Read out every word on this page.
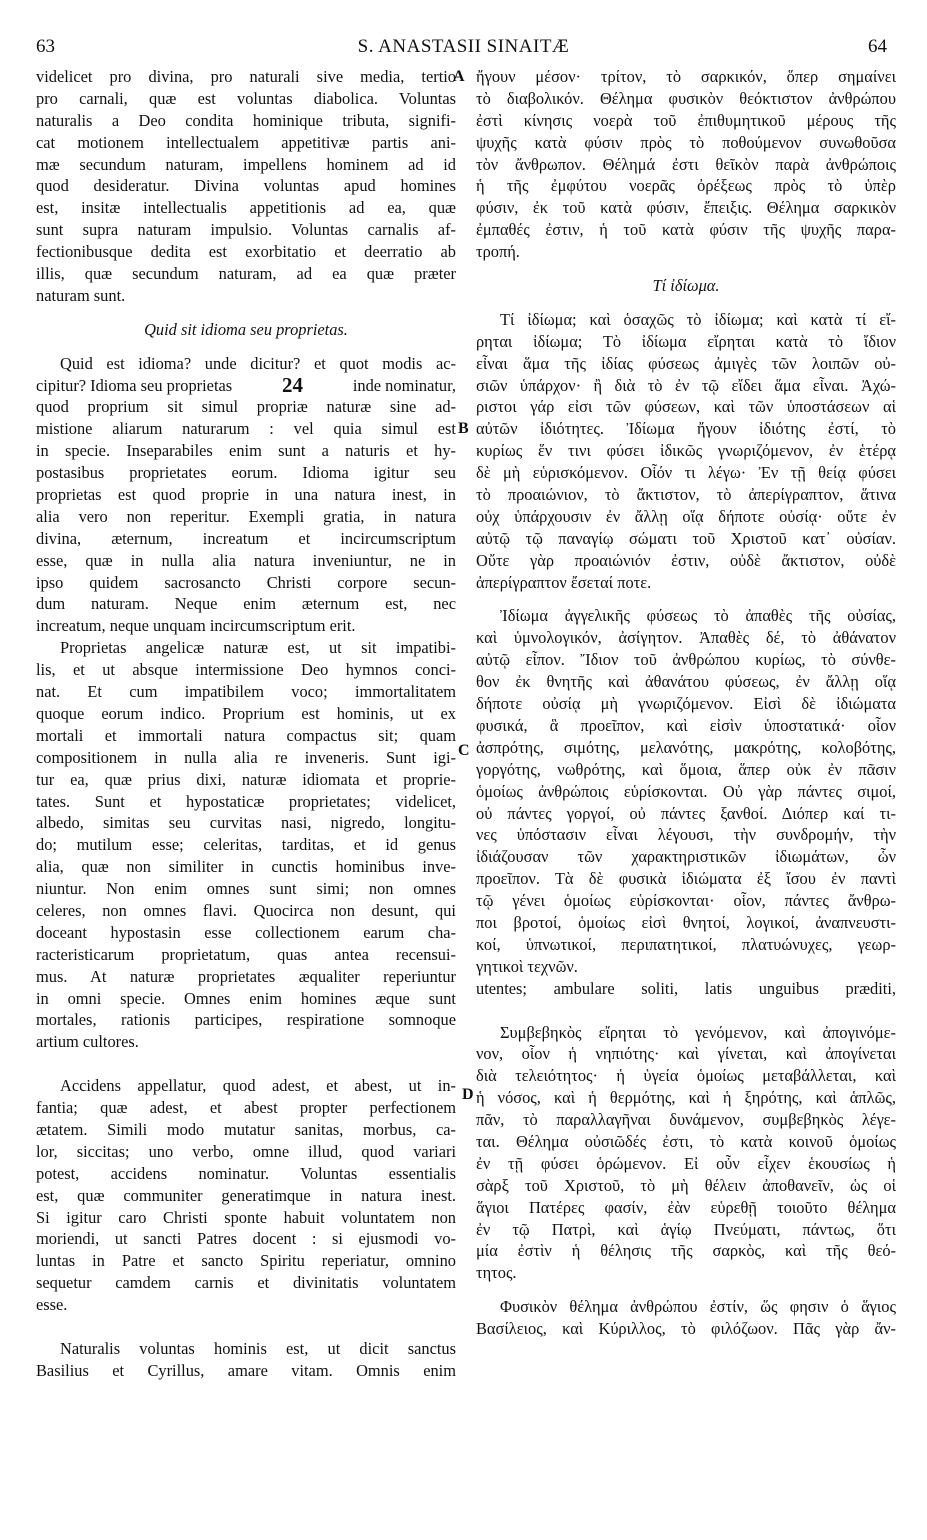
63	S. ANASTASII SINAITÆ	64
A
B
C
D
videlicet pro divina, pro naturali sive media, tertio
pro carnali, quæ est voluntas diabolica. Voluntas
naturalis a Deo condita hominique tributa, signifi-
cat motionem intellectualem appetitivæ partis ani-
mæ secundum naturam, impellens hominem ad id
quod desideratur. Divina voluntas apud homines
est, insitæ intellectualis appetitionis ad ea, quæ
sunt supra naturam impulsio. Voluntas carnalis af-
fectionibusque dedita est exorbitatio et deerratio ab
illis, quæ secundum naturam, ad ea quæ præter
naturam sunt.
Quid sit idioma seu proprietas.
Quid est idioma? unde dicitur? et quot modis ac-
cipitur? Idioma seu proprietas 24	inde nominatur,
quod proprium sit simul propriæ naturæ sine ad-
mistione aliarum naturarum : vel quia simul est
in specie. Inseparabiles enim sunt a naturis et hy-
postasibus proprietates eorum. Idioma igitur seu
proprietas est quod proprie in una natura inest, in
alia vero non reperitur. Exempli gratia, in natura
divina, æternum, increatum et incircumscriptum
esse, quæ in nulla alia natura inveniuntur, ne in
ipso quidem sacrosancto Christi corpore secun-
dum naturam. Neque enim æternum est, nec
increatum, neque unquam incircumscriptum erit.
Proprietas angelicæ naturæ est, ut sit impatibi-
lis, et ut absque intermissione Deo hymnos conci-
nat. Et cum impatibilem voco; immortalitatem
quoque eorum indico. Proprium est hominis, ut ex
mortali et immortali natura compactus sit; quam
compositionem in nulla alia re inveneris. Sunt igi-
tur ea, quæ prius dixi, naturæ idiomata et proprie-
tates. Sunt et hypostaticæ proprietates; videlicet,
albedo, simitas seu curvitas nasi, nigredo, longitu-
do; mutilum esse; celeritas, tarditas, et id genus
alia, quæ non similiter in cunctis hominibus inve-
niuntur. Non enim omnes sunt simi; non omnes
celeres, non omnes flavi. Quocirca non desunt, qui
doceant hypostasin esse collectionem earum cha-
racteristicarum proprietatum, quas antea recensui-
mus. At naturæ proprietates æqualiter reperiuntur
in omni specie. Omnes enim homines æque sunt
mortales, rationis participes, respiratione somnoque
artium cultores.
Accidens appellatur, quod adest, et abest, ut in-
fantia; quæ adest, et abest propter perfectionem
ætatem. Simili modo mutatur sanitas, morbus, ca-
lor, siccitas; uno verbo, omne illud, quod variari
potest, accidens nominatur. Voluntas essentialis
est, quæ communiter generatimque in natura inest.
Si igitur caro Christi sponte habuit voluntatem non
moriendi, ut sancti Patres docent : si ejusmodi vo-
luntas in Patre et sancto Spiritu reperiatur, omnino
sequetur camdem carnis et divinitatis voluntatem
esse.
Naturalis voluntas hominis est, ut dicit sanctus
Basilius et Cyrillus, amare vitam. Omnis enim
ἤγουν μέσον· τρίτον, τὸ σαρκικόν, ὅπερ σημαίνει
τὸ διαβολικόν. Θέλημα φυσικὸν θεόκτιστον ἀνθρώπου
ἐστὶ κίνησις νοερὰ τοῦ ἐπιθυμητικοῦ μέρους τῆς
ψυχῆς κατὰ φύσιν πρὸς τὸ ποθούμενον συνωθοῦσα
τὸν ἄνθρωπον. Θέλημά ἐστι θεῖκὸν παρὰ ἀνθρώποις
ἡ τῆς ἐμφύτου νοερᾶς ὀρέξεως πρὸς τὸ ὑπὲρ
φύσιν, ἐκ τοῦ κατὰ φύσιν, ἔπειξις. Θέλημα σαρκικὸν
ἐμπαθές ἐστιν, ἡ τοῦ κατὰ φύσιν τῆς ψυχῆς παρα-
τροπή.
Τί ἰδίωμα.
Τί ἰδίωμα; καὶ ὁσαχῶς τὸ ἰδίωμα; καὶ κατὰ τί εἴ-
ρηται ἰδίωμα; Τὸ ἰδίωμα εἴρηται κατὰ τὸ ἴδιον
εἶναι ἅμα τῆς ἰδίας φύσεως ἀμιγὲς τῶν λοιπῶν οὐ-
σιῶν ὑπάρχον· ἢ διὰ τὸ ἐν τῷ εἴδει ἅμα εἶναι. Ἀχώ-
ριστοι γάρ εἰσι τῶν φύσεων, καὶ τῶν ὑποστάσεων αἱ
αὐτῶν ἰδιότητες. Ἰδίωμα ἤγουν ἰδιότης ἐστί, τὸ
κυρίως ἕν τινι φύσει ἰδικῶς γνωριζόμενον, ἐν ἑτέρᾳ
δὲ μὴ εὑρισκόμενον. Οἷόν τι λέγω· Ἐν τῇ θείᾳ φύσει
τὸ προαιώνιον, τὸ ἄκτιστον, τὸ ἀπερίγραπτον, ἅτινα
οὐχ ὑπάρχουσιν ἐν ἄλλῃ οἵᾳ δήποτε οὐσίᾳ· οὔτε ἐν
αὐτῷ τῷ παναγίῳ σώματι τοῦ Χριστοῦ κατ᾽ οὐσίαν.
Οὔτε γὰρ προαιώνιόν ἐστιν, οὐδὲ ἄκτιστον, οὐδὲ
ἀπερίγραπτον ἔσεταί ποτε.
Ἰδίωμα ἀγγελικῆς φύσεως τὸ ἀπαθὲς τῆς οὐσίας,
καὶ ὑμνολογικόν, ἀσίγητον. Ἀπαθὲς δέ, τὸ ἀθάνατον
αὐτῷ εἶπον. Ἴδιον τοῦ ἀνθρώπου κυρίως, τὸ σύνθε-
θον ἐκ θνητῆς καὶ ἀθανάτου φύσεως, ἐν ἄλλῃ οἵᾳ
δήποτε οὐσίᾳ μὴ γνωριζόμενον. Εἰσὶ δὲ ἰδιώματα
φυσικά, ἃ προεῖπον, καὶ εἰσὶν ὑποστατικά· οἷον
ἀσπρότης, σιμότης, μελανότης, μακρότης, κολοβότης,
γοργότης, νωθρότης, καὶ ὅμοια, ἅπερ οὐκ ἐν πᾶσιν
ὁμοίως ἀνθρώποις εὑρίσκονται. Οὐ γὰρ πάντες σιμοί,
οὐ πάντες γοργοί, οὐ πάντες ξανθοί. Διόπερ καί τι-
νες ὑπόστασιν εἶναι λέγουσι, τὴν συνδρομήν, τὴν
ἰδιάζουσαν τῶν χαρακτηριστικῶν ἰδιωμάτων, ὧν
προεῖπον. Τὰ δὲ φυσικὰ ἰδιώματα ἐξ ἴσου ἐν παντὶ
τῷ γένει ὁμοίως εὑρίσκονται· οἷον, πάντες ἄνθρω-
ποι βροτοί, ὁμοίως εἰσὶ θνητοί, λογικοί, ἀναπνευστι-
κοί, ὑπνωτικοί, περιπατητικοί, πλατυώνυχες, γεωρ-
γητικοὶ τεχνῶν.
utentes; ambulare soliti, latis unguibus præditi,
Συμβεβηκὸς εἴρηται τὸ γενόμενον, καὶ ἀπογινόμε-
νον, οἷον ἡ νηπιότης· καὶ γίνεται, καὶ ἀπογίνεται
διὰ τελειότητος· ἡ ὑγεία ὁμοίως μεταβάλλεται, καὶ
ἡ νόσος, καὶ ἡ θερμότης, καὶ ἡ ξηρότης, καὶ ἁπλῶς,
πᾶν, τὸ παραλλαγῆναι δυνάμενον, συμβεβηκὸς λέγε-
ται. Θέλημα οὐσιῶδές ἐστι, τὸ κατὰ κοινοῦ ὁμοίως
ἐν τῇ φύσει ὁρώμενον. Εἰ οὖν εἶχεν ἑκουσίως ἡ
σὰρξ τοῦ Χριστοῦ, τὸ μὴ θέλειν ἀποθανεῖν, ὡς οἱ
ἅγιοι Πατέρες φασίν, ἐὰν εὑρεθῇ τοιοῦτο θέλημα
ἐν τῷ Πατρὶ, καὶ ἁγίῳ Πνεύματι, πάντως, ὅτι
μία ἐστὶν ἡ θέλησις τῆς σαρκὸς, καὶ τῆς θεό-
τητος.
Φυσικὸν θέλημα ἀνθρώπου ἐστίν, ὥς φησιν ὁ ἅγιος
Βασίλειος, καὶ Κύριλλος, τὸ φιλόζωον. Πᾶς γὰρ ἄν-
